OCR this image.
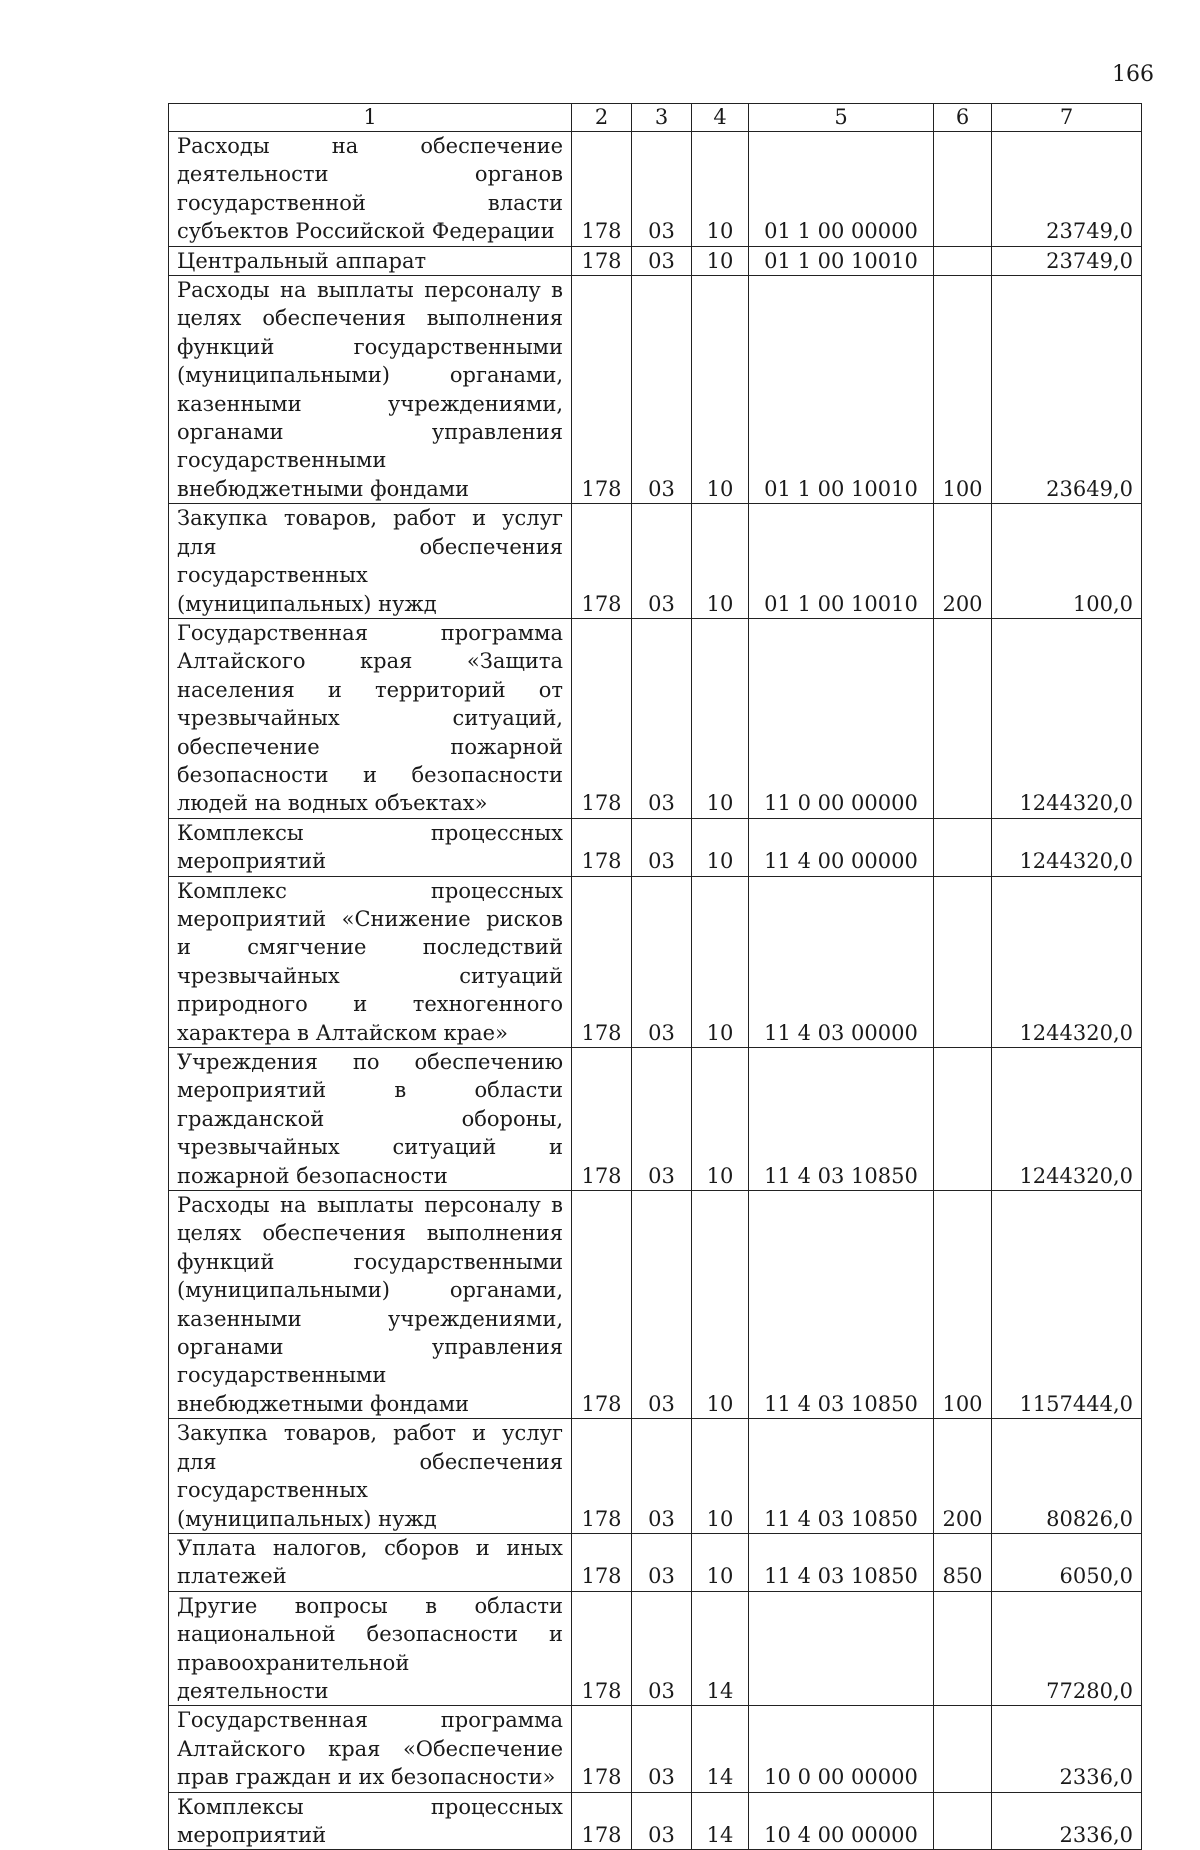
166
1	2	3	4	5	6	7
Расходы на обеспечение деятельности органов государственной власти субъектов Российской Федерации	178	03	10	01 1 00 00000		23749,0
Центральный аппарат	178	03	10	01 1 00 10010		23749,0
Расходы на выплаты персоналу в целях обеспечения выполнения функций государственными (муниципальными) органами, казенными учреждениями, органами управления государственными внебюджетными фондами	178	03	10	01 1 00 10010	100	23649,0
Закупка товаров, работ и услуг для обеспечения государственных (муниципальных) нужд	178	03	10	01 1 00 10010	200	100,0
Государственная программа Алтайского края «Защита населения и территорий от чрезвычайных ситуаций, обеспечение пожарной безопасности и безопасности людей на водных объектах»	178	03	10	11 0 00 00000		1244320,0
Комплексы процессных мероприятий	178	03	10	11 4 00 00000		1244320,0
Комплекс процессных мероприятий «Снижение рисков и смягчение последствий чрезвычайных ситуаций природного и техногенного характера в Алтайском крае»	178	03	10	11 4 03 00000		1244320,0
Учреждения по обеспечению мероприятий в области гражданской обороны, чрезвычайных ситуаций и пожарной безопасности	178	03	10	11 4 03 10850		1244320,0
Расходы на выплаты персоналу в целях обеспечения выполнения функций государственными (муниципальными) органами, казенными учреждениями, органами управления государственными внебюджетными фондами	178	03	10	11 4 03 10850	100	1157444,0
Закупка товаров, работ и услуг для обеспечения государственных (муниципальных) нужд	178	03	10	11 4 03 10850	200	80826,0
Уплата налогов, сборов и иных платежей	178	03	10	11 4 03 10850	850	6050,0
Другие вопросы в области национальной безопасности и правоохранительной деятельности	178	03	14			77280,0
Государственная программа Алтайского края «Обеспечение прав граждан и их безопасности»	178	03	14	10 0 00 00000		2336,0
Комплексы процессных мероприятий	178	03	14	10 4 00 00000		2336,0
